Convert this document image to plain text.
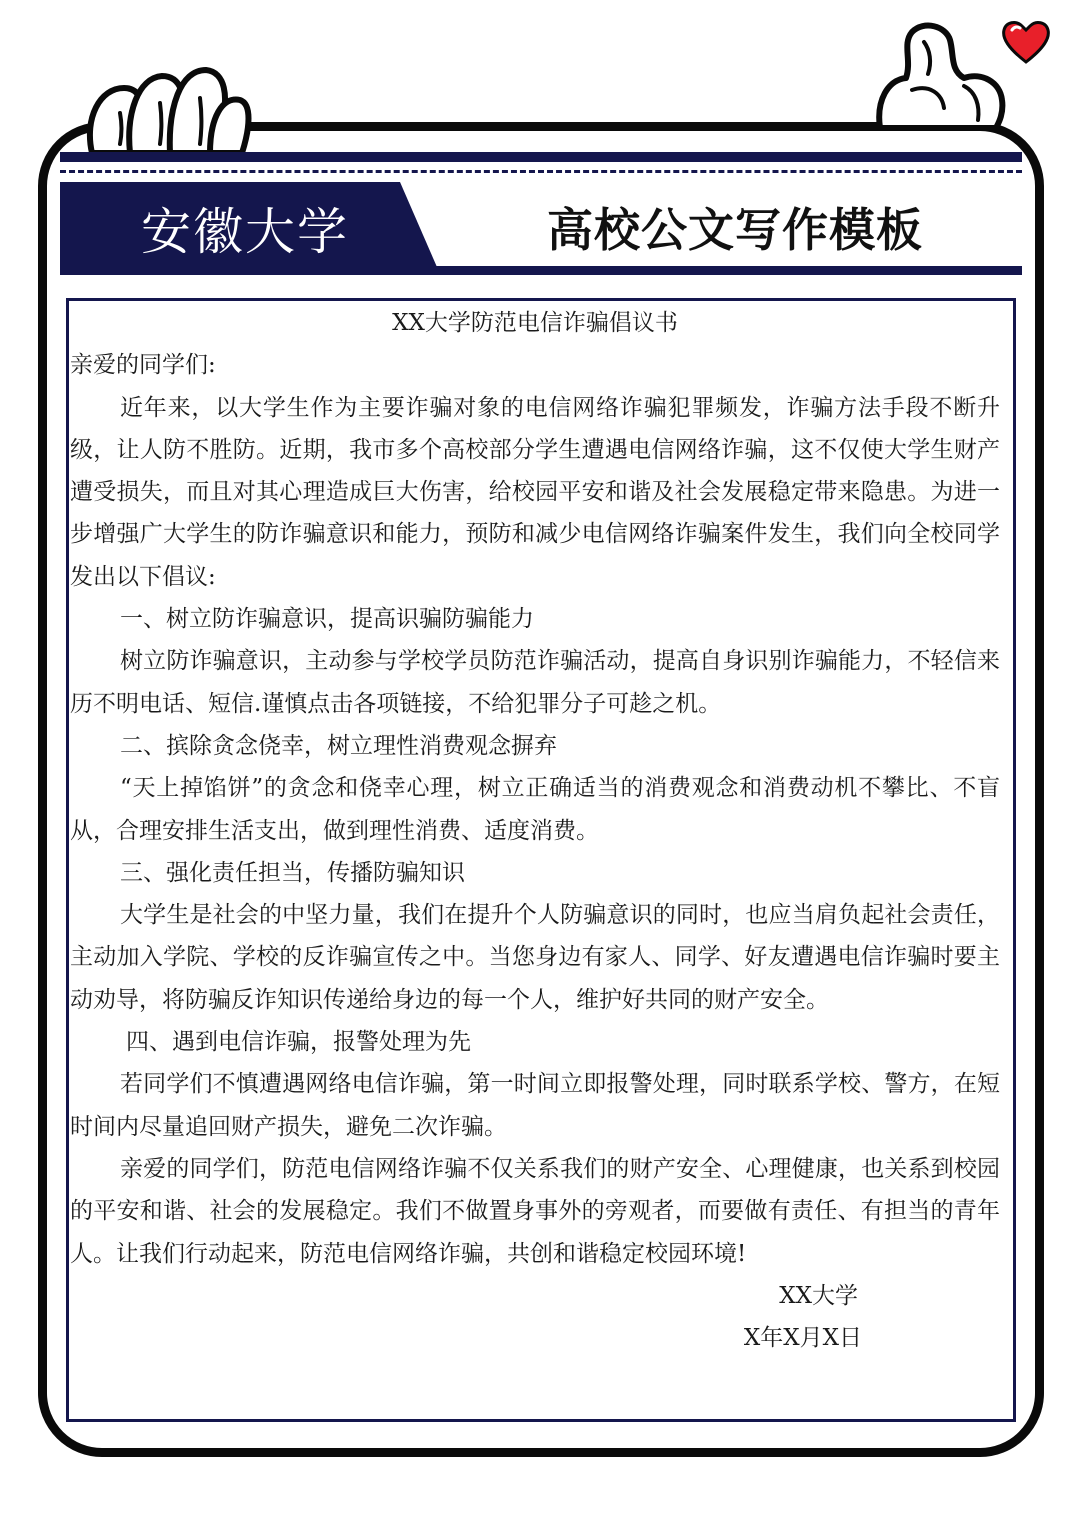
安徽大学	高校公文写作模板

XX大学防范电信诈骗倡议书

亲爱的同学们:

近年来，以大学生作为主要诈骗对象的电信网络诈骗犯罪频发，诈骗方法手段不断升级，让人防不胜防。近期，我市多个高校部分学生遭遇电信网络诈骗，这不仅使大学生财产遭受损失，而且对其心理造成巨大伤害，给校园平安和谐及社会发展稳定带来隐患。为进一步增强广大学生的防诈骗意识和能力，预防和减少电信网络诈骗案件发生，我们向全校同学发出以下倡议:

一、树立防诈骗意识，提高识骗防骗能力

树立防诈骗意识，主动参与学校学员防范诈骗活动，提高自身识别诈骗能力，不轻信来历不明电话、短信.谨慎点击各项链接，不给犯罪分子可趁之机。

二、摈除贪念侥幸，树立理性消费观念摒弃

“天上掉馅饼”的贪念和侥幸心理，树立正确适当的消费观念和消费动机不攀比、不盲从，合理安排生活支出，做到理性消费、适度消费。

三、强化责任担当，传播防骗知识

大学生是社会的中坚力量，我们在提升个人防骗意识的同时，也应当肩负起社会责任，主动加入学院、学校的反诈骗宣传之中。当您身边有家人、同学、好友遭遇电信诈骗时要主动劝导，将防骗反诈知识传递给身边的每一个人，维护好共同的财产安全。

四、遇到电信诈骗，报警处理为先

若同学们不慎遭遇网络电信诈骗，第一时间立即报警处理，同时联系学校、警方，在短时间内尽量追回财产损失，避免二次诈骗。

亲爱的同学们，防范电信网络诈骗不仅关系我们的财产安全、心理健康，也关系到校园的平安和谐、社会的发展稳定。我们不做置身事外的旁观者，而要做有责任、有担当的青年人。让我们行动起来，防范电信网络诈骗，共创和谐稳定校园环境!

XX大学

X年X月X日
